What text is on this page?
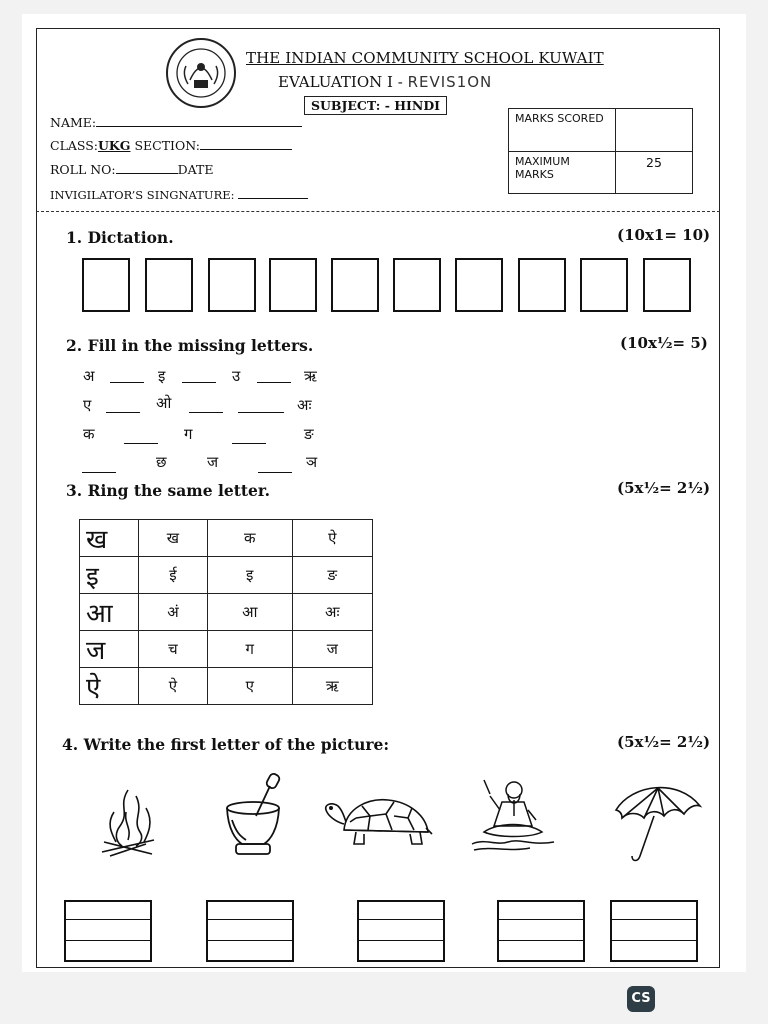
THE INDIAN COMMUNITY SCHOOL KUWAIT
EVALUATION I - REVIS1ON
SUBJECT: - HINDI
NAME:
CLASS:UKG SECTION:
ROLL NO:	DATE
INVIGILATOR’S SINGNATURE:
MARKS SCORED	
MAXIMUM
MARKS	25
1. Dictation.	(10x1= 10)
2. Fill in the missing letters.	(10x½= 5)
अ	इ	उ	ऋ
ए	ओ	अः
क	ग	ङ
छ	ज	ञ
3. Ring the same letter.	(5x½= 2½)
ख	ख	क	ऐ
इ	ई	इ	ङ
आ	अं	आ	अः
ज	च	ग	ज
ऐ	ऐ	ए	ऋ
4. Write the first letter of the picture:	(5x½= 2½)
CS
